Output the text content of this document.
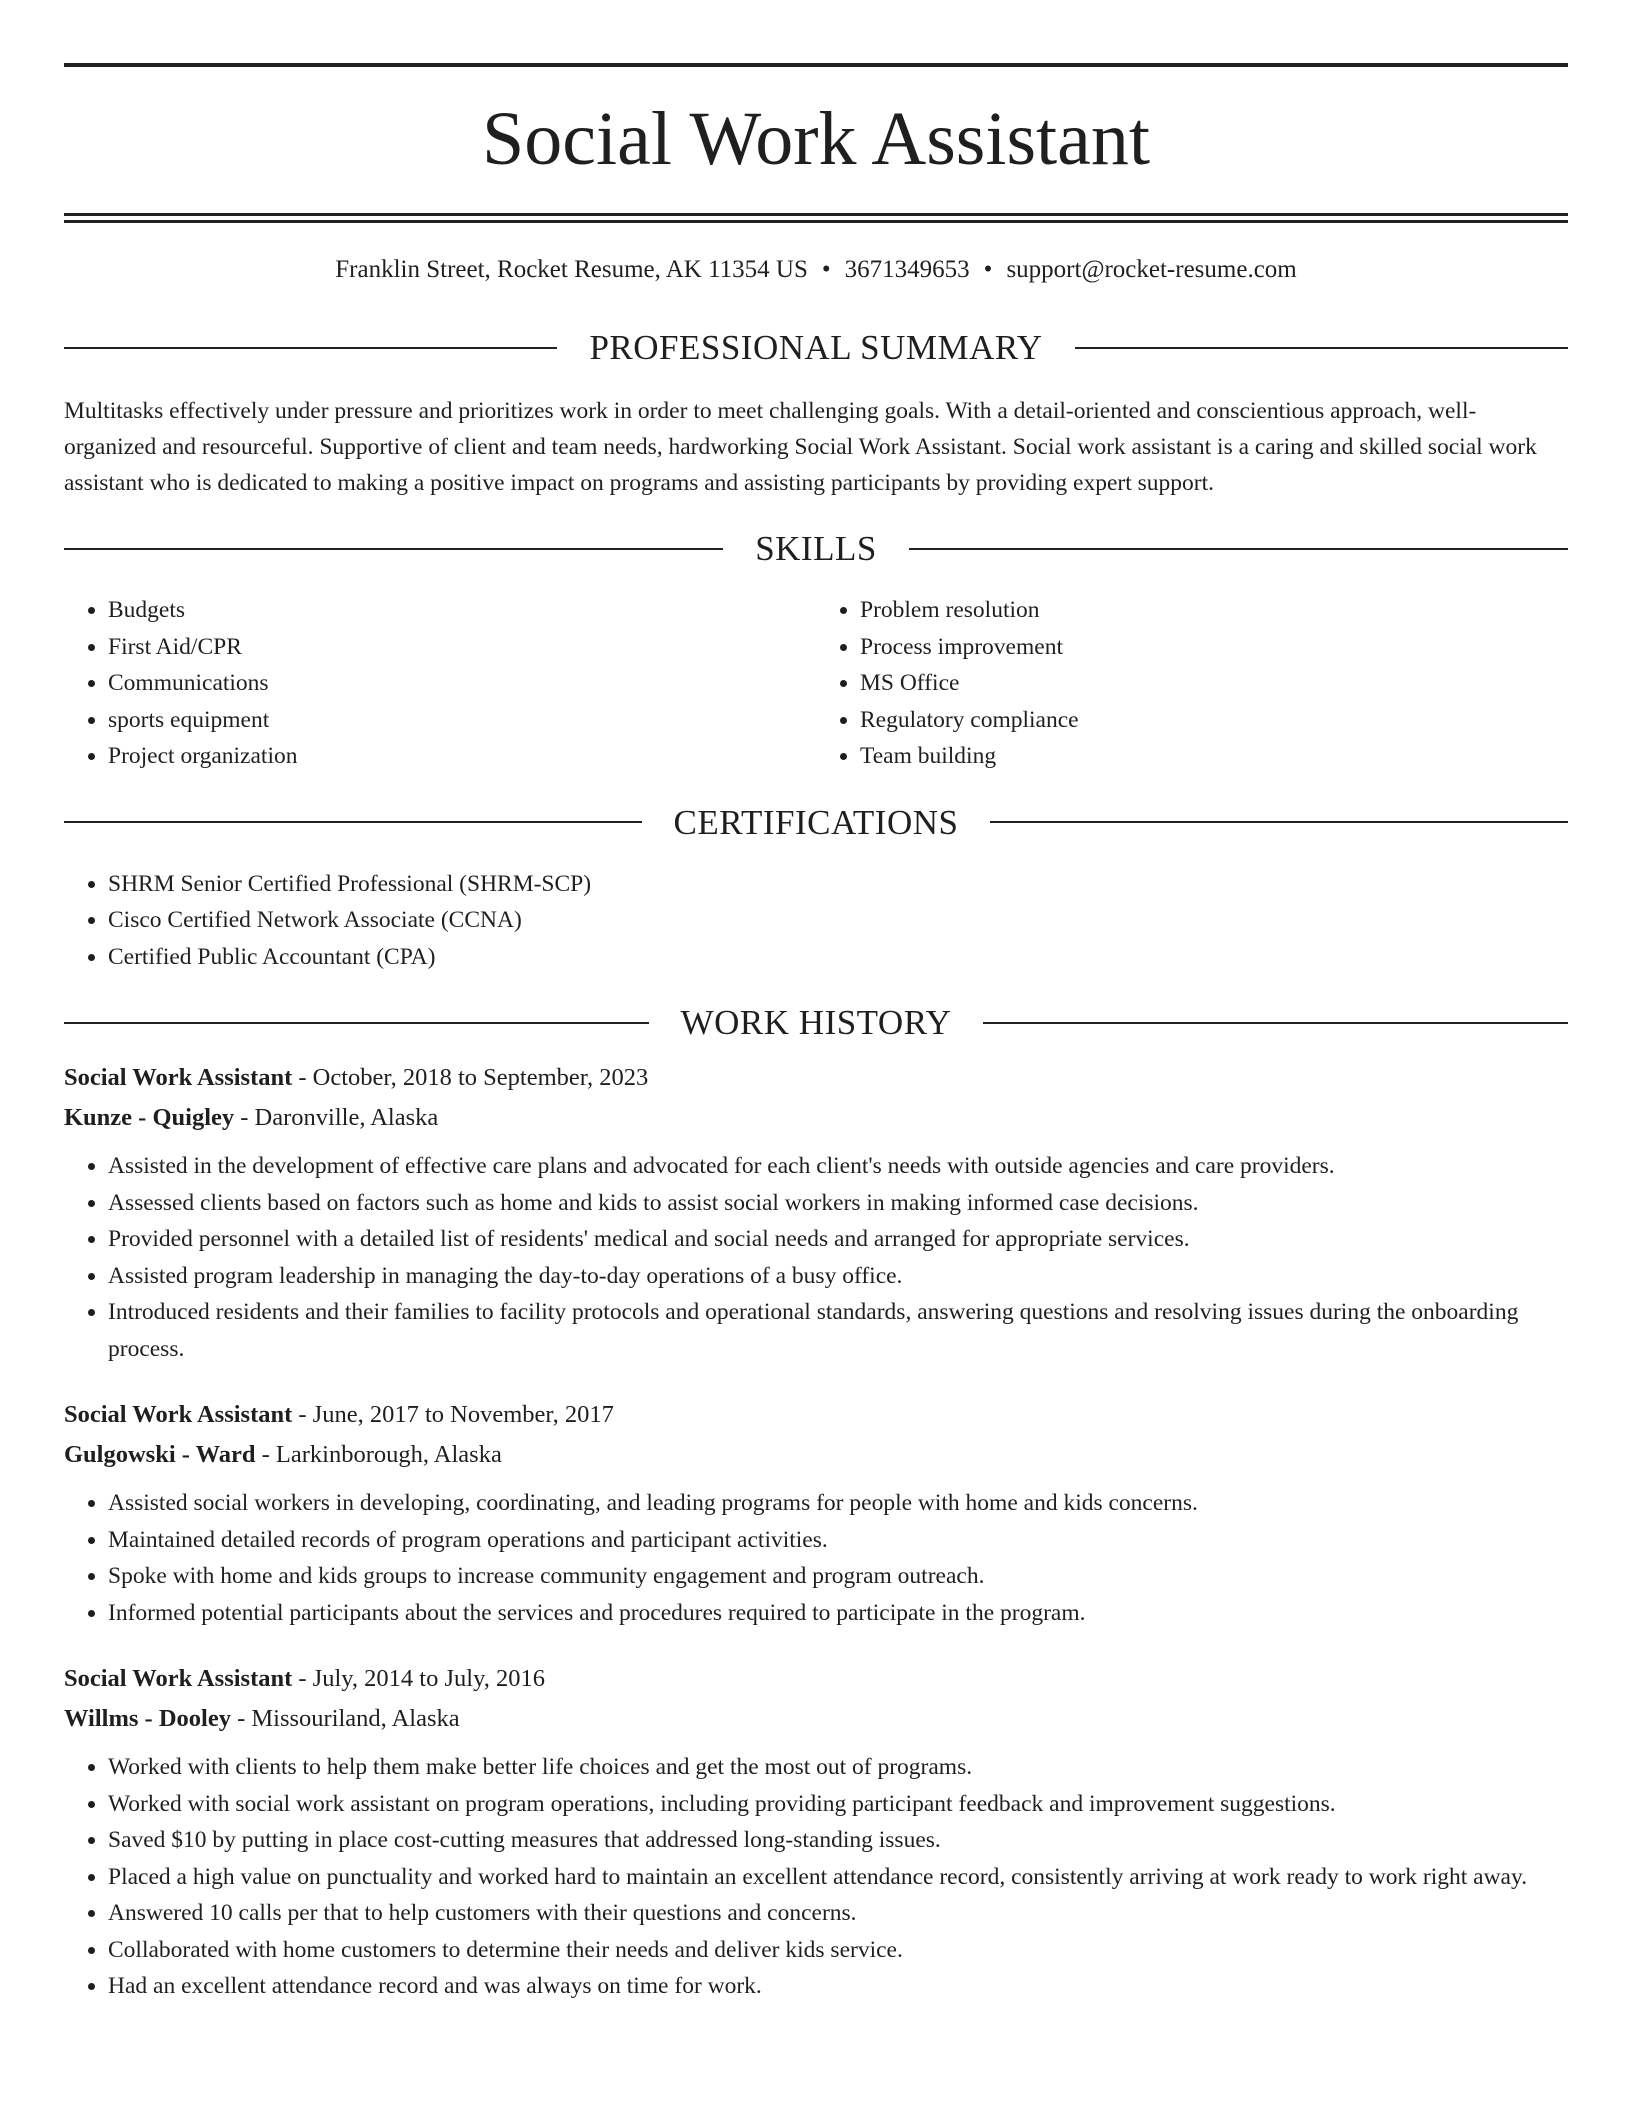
Social Work Assistant
Franklin Street, Rocket Resume, AK 11354 US • 3671349653 • support@rocket-resume.com
PROFESSIONAL SUMMARY

Multitasks effectively under pressure and prioritizes work in order to meet challenging goals. With a detail-oriented and conscientious approach, well-organized and resourceful. Supportive of client and team needs, hardworking Social Work Assistant. Social work assistant is a caring and skilled social work assistant who is dedicated to making a positive impact on programs and assisting participants by providing expert support.

SKILLS
• Budgets
• First Aid/CPR
• Communications
• sports equipment
• Project organization
• Problem resolution
• Process improvement
• MS Office
• Regulatory compliance
• Team building
CERTIFICATIONS
• SHRM Senior Certified Professional (SHRM-SCP)
• Cisco Certified Network Associate (CCNA)
• Certified Public Accountant (CPA)
WORK HISTORY
Social Work Assistant - October, 2018 to September, 2023
Kunze - Quigley - Daronville, Alaska
• Assisted in the development of effective care plans and advocated for each client's needs with outside agencies and care providers.
• Assessed clients based on factors such as home and kids to assist social workers in making informed case decisions.
• Provided personnel with a detailed list of residents' medical and social needs and arranged for appropriate services.
• Assisted program leadership in managing the day-to-day operations of a busy office.
• Introduced residents and their families to facility protocols and operational standards, answering questions and resolving issues during the onboarding process.
Social Work Assistant - June, 2017 to November, 2017
Gulgowski - Ward - Larkinborough, Alaska
• Assisted social workers in developing, coordinating, and leading programs for people with home and kids concerns.
• Maintained detailed records of program operations and participant activities.
• Spoke with home and kids groups to increase community engagement and program outreach.
• Informed potential participants about the services and procedures required to participate in the program.
Social Work Assistant - July, 2014 to July, 2016
Willms - Dooley - Missouriland, Alaska
• Worked with clients to help them make better life choices and get the most out of programs.
• Worked with social work assistant on program operations, including providing participant feedback and improvement suggestions.
• Saved $10 by putting in place cost-cutting measures that addressed long-standing issues.
• Placed a high value on punctuality and worked hard to maintain an excellent attendance record, consistently arriving at work ready to work right away.
• Answered 10 calls per that to help customers with their questions and concerns.
• Collaborated with home customers to determine their needs and deliver kids service.
• Had an excellent attendance record and was always on time for work.
